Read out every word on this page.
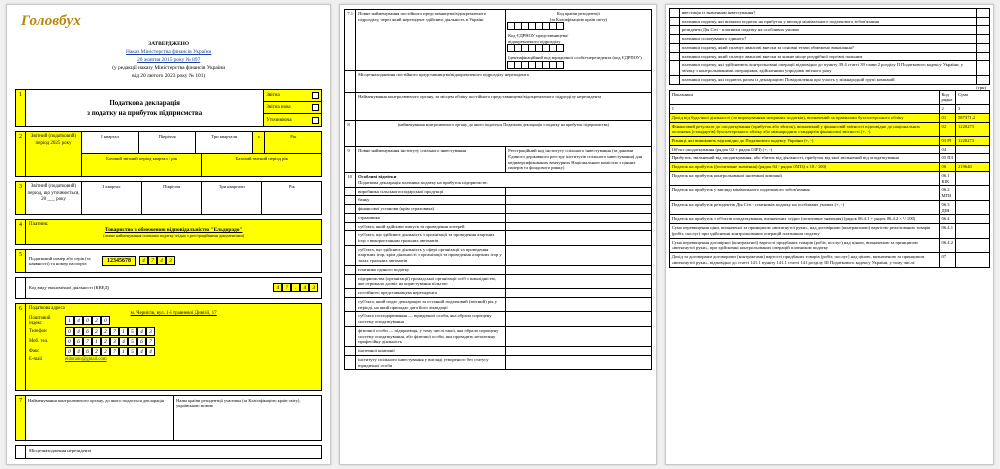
Головбух
ЗАТВЕРДЖЕНО
Наказ Міністерства фінансів України
20 жовтня 2015 року № 897
(у редакції наказу Міністерства фінансів України
від 20 лютого 2023 року № 101)
1
Податкова декларація
з податку на прибуток підприємства
Звітна
Звітна нова
Уточнююча
2	Звітний (податковий) період 2025 року
I квартал	Півріччя	Три квартали	х	Рік
Базовий звітний період квартал / рік	Базовий звітний період рік
3	Звітний (податковий) період, що уточнюється, 20 ___ року
I квартал	Півріччя	Три квартали	Рік
4	Платник:
Товариство з обмеженою відповідальністю "Ельдорадо"
(повне найменування платника податку згідно з реєстраційними документами)
5
Податковий номер або серія (за наявності) та номер паспорта	12345678	4	7	4	3
Код виду економічної діяльності (КВЕД)	4	7	.	4	3
6	Податкова адреса
м. Чернігів, вул. 1-ї травневої Дивізії, 17
Поштовий індекс	1	4	0	2	0
Телефон	0	4	6	2	2	7	1	5	4	3
Моб. тел.	0	6	7	1	2	3	4	5	6	7
Факс	0	4	6	2	2	7	1	5	4	4
E-mail	eldorado@gmail.com
7	Найменування контролюючого органу, до якого подається декларація	Назва країни резидентції учасника (за Класифікацією країн світу), українською мовою
Місцезнаходження нерезидента
7.1	Повне найменування постійного представництва/відокремленого підрозділу, через який нерезидент здійснює діяльність в Україні	Код країни резидентції
(за Класифікацією країн світу)
Код ЄДРНОУ представництва/
відокремленого підрозділу
Ідентифікаційний код юридичної особи-нерезидента (код ЄДРПОУ)

	Місцезнаходження постійного представництва/відокремленого підрозділу нерезидента	
	Найменування контролюючого органу, за місцем обліку постійного представництва/відокремленого підрозділу нерезидента	
8	(найменування контролюючого органу, до якого подається Податкова декларація з податку на прибуток підприємства)	
9	Повне найменування інституту спільного інвестування	Реєстраційний код інституту спільного інвестування (за даними Єдиного державного реєстру інститутів спільного інвестування) для недиверсифікованих венчурних Національною комісією з цінних паперів та фондового ринку)
10	Особливі відмітки
Податкова декларація платника податку на прибуток підприємств:	

	виробника сільськогосподарської продукції	
	банку	
	фінансової установи (крім страховика)	
	страховика	
	суб'єкта, який здійснює випуск та проведення лотерей	
	суб'єкта, що здійснює діяльність з організації та проведення азартних ігор з використанням гральних автоматів	
	суб'єкта, що здійснює діяльність у сфері організації та проведення азартних ігор, крім діяльності з організації та проведення азартних ігор у залах гральних автоматів	
	платника єдиного податку	
	підприємства (організації) громадської організації осіб з інвалідністю, яке отримало дозвіл на користування пільгою	
	постійного представництва нерезидента	
	суб'єкта, який подає декларацію за останній податковий (звітний) рік у періоді, на який припадає дата його ліквідації	
	суб'єкта господарювання — юридичної особи, яка обрала спрощену систему оподаткування	
	фізичної особи — підприємця, у тому числі такої, яка обрала спрощену систему оподаткування, або фізичної особи, яка провадить незалежну професійну діяльність	
	іноземної компанії	
	інституту спільного інвестування у вигляді утвореного без статусу юридичної особи	
	нвестиція із значенням інвестування?	
	платники податку, які визнали податок на прибуток у вигляді мінімального податкового зобов'язання	
	резиденти Дія Сіті - платники податку на особливих умовах	
	платники сплачуваного єдиного?	
	платники податку, який сплачує авансові внески за основні етапи обмежено виконання?	
	платники податку, який сплачує авансові внески за кожне місце роздрібної торгівлі пальним	
	платники податку, які здійснюють контрольовані операції відповідно до пункту 39.4 статті 39 глави 2 розділу II Податкового кодексу України, у зв'язку з контрольованими операціями, здійсненими упродовж звітного року	
	платники податку, які подають разом із декларацією Повідомлення про участь у міжнародній групі компаній	
(грн)
Показники	Код рядка	Сума
1	2	3
Дохід від будь-якої діяльності (за вирахуванням непрямих податків), визначений за правилами бухгалтерського обліку	01	587371,2
Фінансовий результат до оподаткування (прибуток або збиток), визначений у фінансовій звітності відповідно до національних положень (стандартів) бухгалтерського обліку або міжнародних стандартів фінансової звітності (+, -)	02	1220273
Різниці, які виникають відповідно до Податкового кодексу України (+, -)	03 РІ	1220273
Об'єкт оподаткування (рядок 02 + рядок 03РІ) (+, -)	04	
Прибуток, звільнений від оподаткування, або збиток від діяльності, прибуток від якої звільнений від оподаткування	05 ПЗ	
Податок на прибуток ((позитивне значення) (рядок 04 - рядок 05ПЗ) х 18 / 100)	06	219640
Податок на прибуток контрольованої іноземної компанії	06.1 КІК	
Податок на прибуток у вигляді мінімального податкового зобов'язання	06.2 МПЗ	
Податок на прибуток резидентів Дія Сіті - платників податку на особливих умовах (+, -)	06.3 ДІЯ	
Податок на прибуток з об'єктів оподаткування, визначених згідно (позитивне значення) (рядок 06.4.1 + рядок 06.4.2 × ¹/ 100)	06.4	
Сума перевищення ціни, визначеної за принципом «витягнутої руки», над договірною (контрактною) вартістю реалізованих товарів (робіт, послуг) при здійсненні контрольованих операцій платником податку	06.4.1	
Сума перевищення договірної (контрактної) вартості придбаних товарів (робіт, послуг) над ціною, визначеною за принципом «витягнутої руки», при здійсненні контрольованих операцій платником податку	06.4.2	
Дохід за договорами договорами (контрактами) вартості придбаних товарів (робіт, послуг) над ціною, визначеною за принципом «витягнутої руки», відповідно до статті 141.1 пункту 141.1 статті 141 розділу III Податкового кодексу України, у тому числі:	07	
